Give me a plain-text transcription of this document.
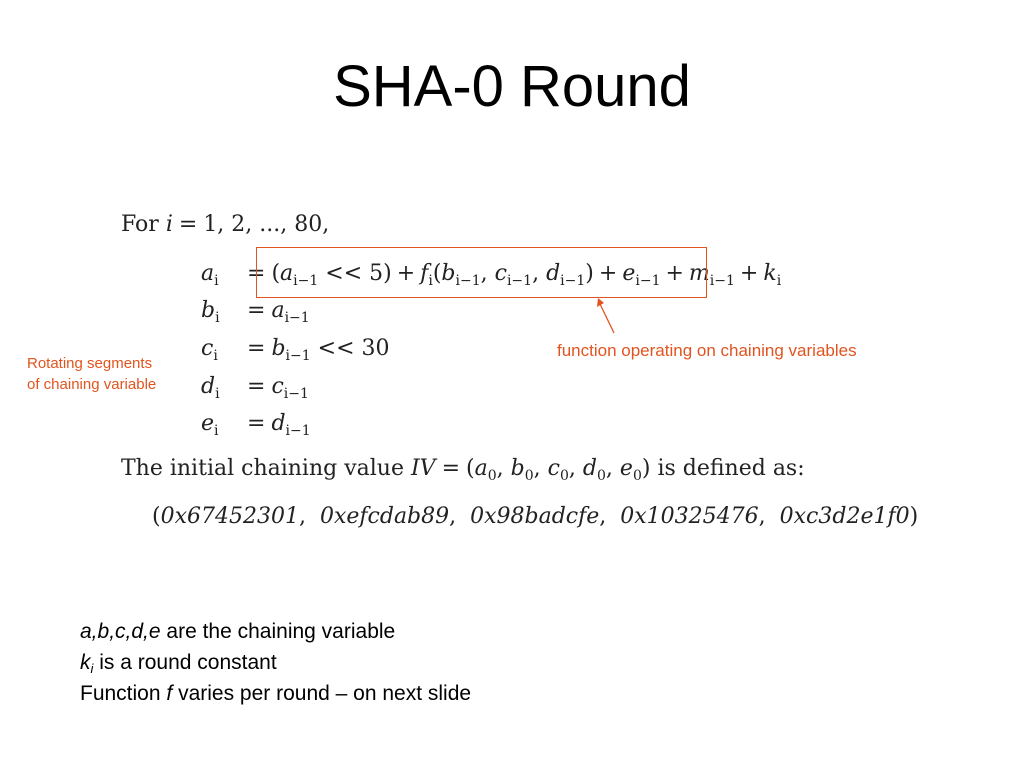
SHA-0 Round
For i = 1, 2, ..., 80,
$a_i = (a_{i-1} << 5) + f_i(b_{i-1}$, $c_{i-1}$, $d_{i-1}) + e_{i-1} + m_{i-1} + k_i$
$b_i = a_{i-1}$
$c_i = b_{i-1} << 30$
$d_i = c_{i-1}$
$e_i = d_{i-1}$
The initial chaining value IV = ($a_0$, $b_0$, $c_0$, $d_0$, $e_0$) is defined as:
(0x67452301,  0xefcdab89,  0x98badcfe,  0x10325476,  0xc3d2e1f0)
function operating on chaining variables
Rotating segments
of chaining variable
a,b,c,d,e are the chaining variable
$k_i$ is a round constant
Function f varies per round – on next slide
